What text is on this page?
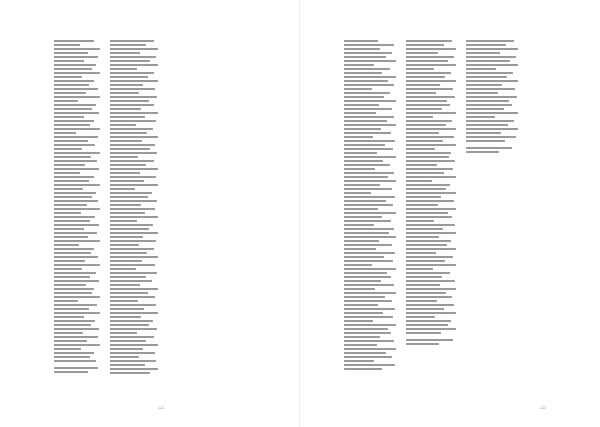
222	223
